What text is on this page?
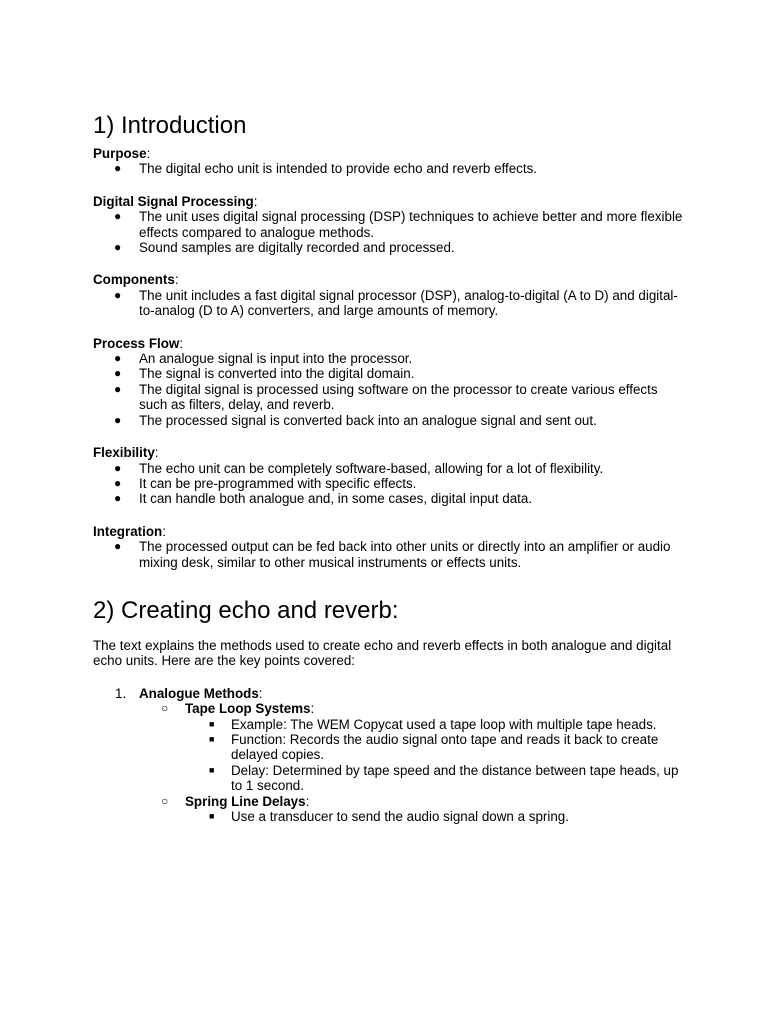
1) Introduction

Purpose:

● The digital echo unit is intended to provide echo and reverb effects.

Digital Signal Processing:

● The unit uses digital signal processing (DSP) techniques to achieve better and more flexible effects compared to analogue methods.
● Sound samples are digitally recorded and processed.

Components:

● The unit includes a fast digital signal processor (DSP), analog-to-digital (A to D) and digital-to-analog (D to A) converters, and large amounts of memory.

Process Flow:

● An analogue signal is input into the processor.
● The signal is converted into the digital domain.
● The digital signal is processed using software on the processor to create various effects such as filters, delay, and reverb.
● The processed signal is converted back into an analogue signal and sent out.

Flexibility:

● The echo unit can be completely software-based, allowing for a lot of flexibility.
● It can be pre-programmed with specific effects.
● It can handle both analogue and, in some cases, digital input data.

Integration:

● The processed output can be fed back into other units or directly into an amplifier or audio mixing desk, similar to other musical instruments or effects units.
2) Creating echo and reverb:

The text explains the methods used to create echo and reverb effects in both analogue and digital echo units. Here are the key points covered:

1. Analogue Methods:
○ Tape Loop Systems:
■ Example: The WEM Copycat used a tape loop with multiple tape heads.
■ Function: Records the audio signal onto tape and reads it back to create delayed copies.
■ Delay: Determined by tape speed and the distance between tape heads, up to 1 second.
○ Spring Line Delays:
■ Use a transducer to send the audio signal down a spring.
